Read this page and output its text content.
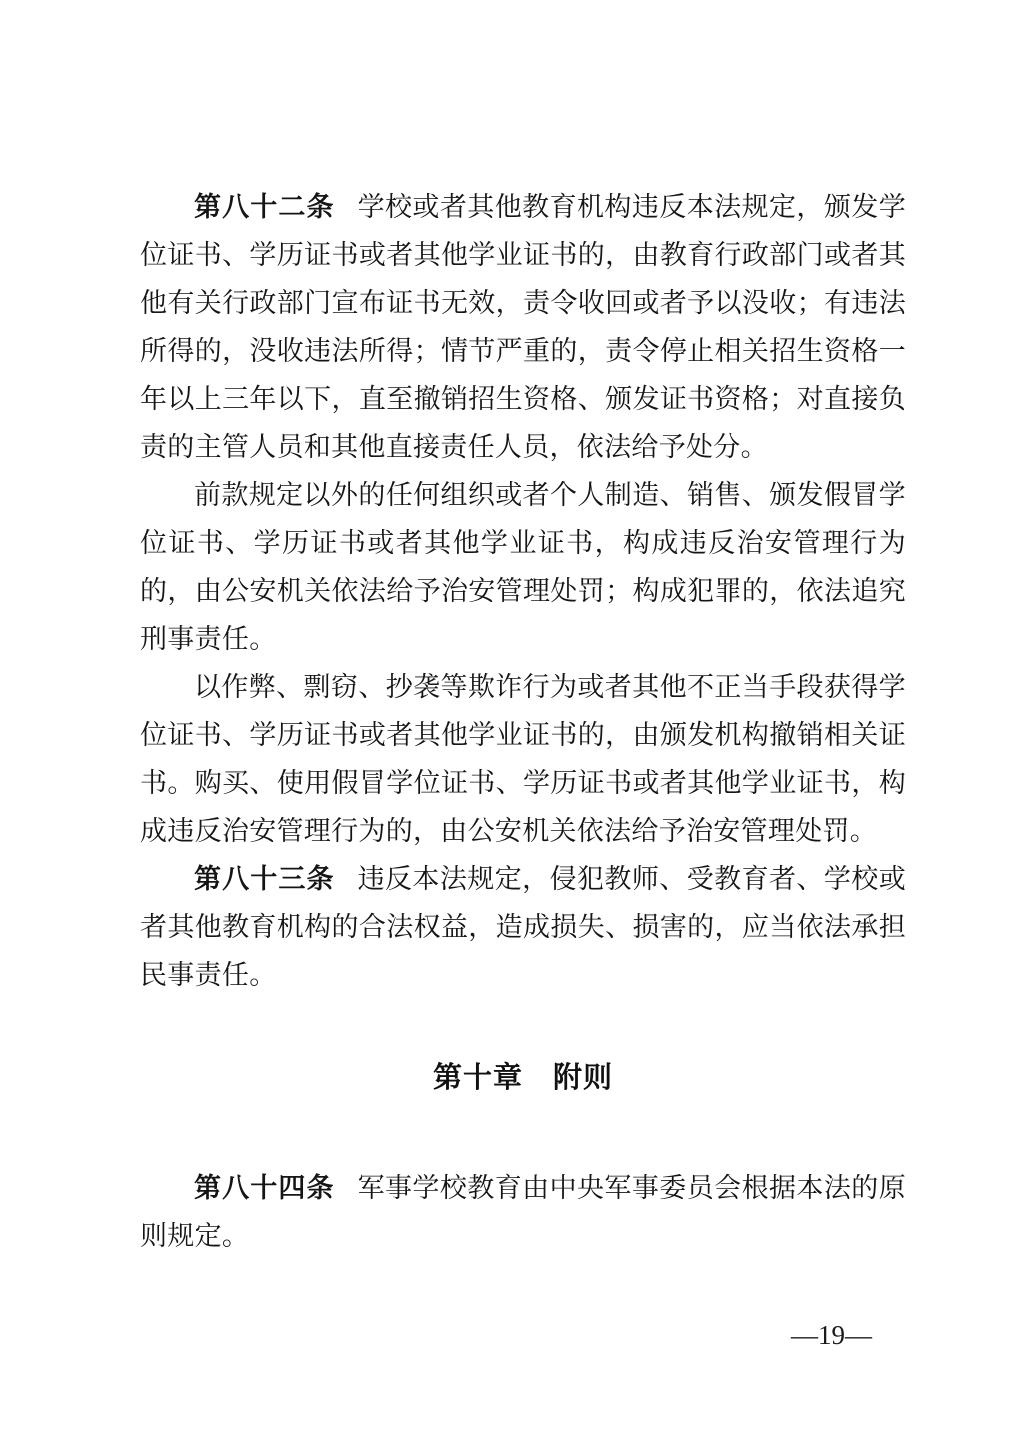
第八十二条 学校或者其他教育机构违反本法规定，颁发学位证书、学历证书或者其他学业证书的，由教育行政部门或者其他有关行政部门宣布证书无效，责令收回或者予以没收；有违法所得的，没收违法所得；情节严重的，责令停止相关招生资格一年以上三年以下，直至撤销招生资格、颁发证书资格；对直接负责的主管人员和其他直接责任人员，依法给予处分。
前款规定以外的任何组织或者个人制造、销售、颁发假冒学位证书、学历证书或者其他学业证书，构成违反治安管理行为的，由公安机关依法给予治安管理处罚；构成犯罪的，依法追究刑事责任。
以作弊、剽窃、抄袭等欺诈行为或者其他不正当手段获得学位证书、学历证书或者其他学业证书的，由颁发机构撤销相关证书。购买、使用假冒学位证书、学历证书或者其他学业证书，构成违反治安管理行为的，由公安机关依法给予治安管理处罚。
第八十三条 违反本法规定，侵犯教师、受教育者、学校或者其他教育机构的合法权益，造成损失、损害的，应当依法承担民事责任。
第十章　附则
第八十四条 军事学校教育由中央军事委员会根据本法的原则规定。
—19—
